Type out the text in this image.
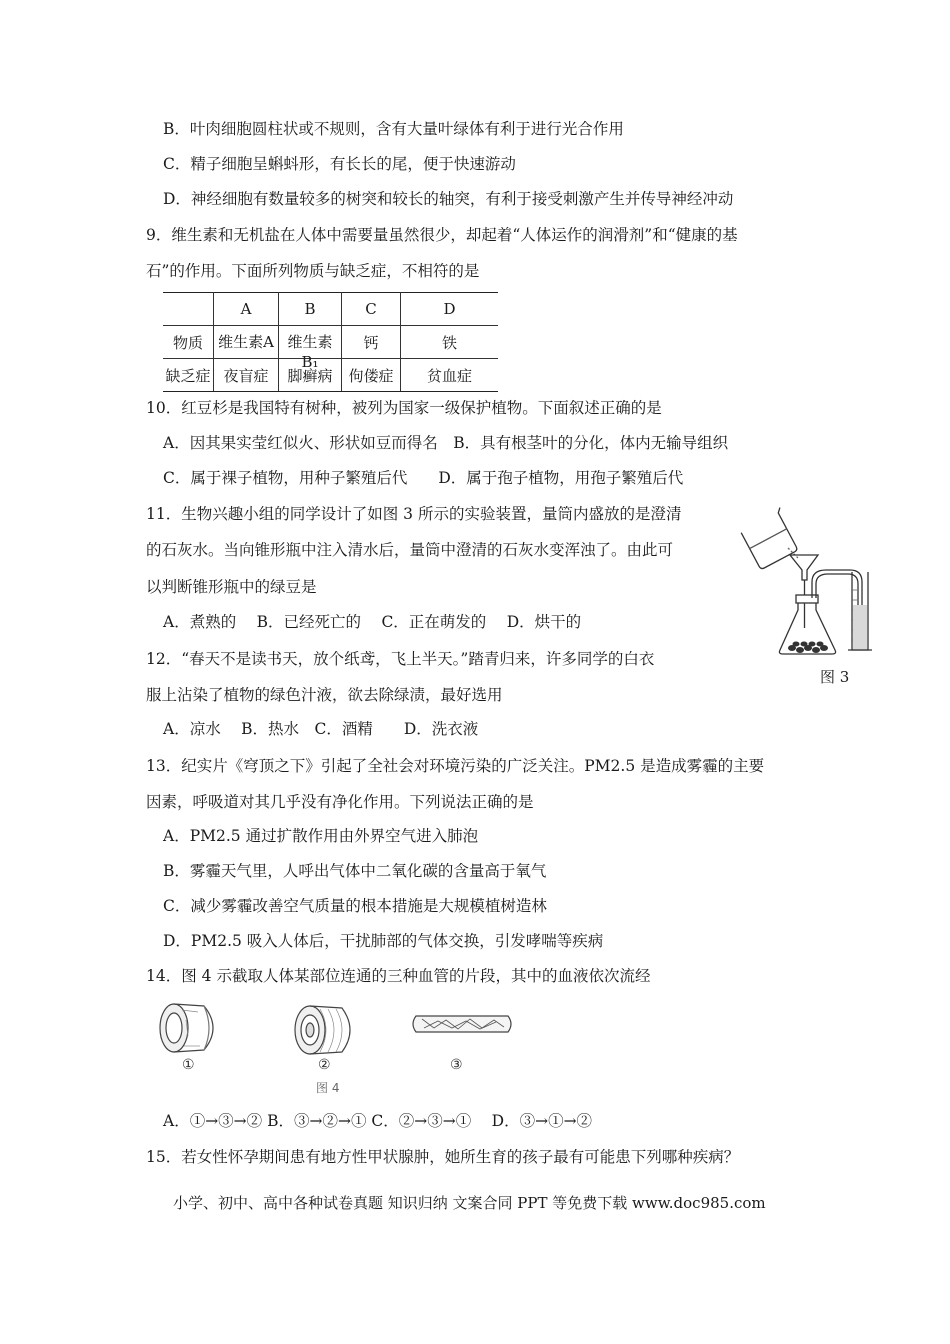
B．叶肉细胞圆柱状或不规则，含有大量叶绿体有利于进行光合作用
C．精子细胞呈蝌蚪形，有长长的尾，便于快速游动
D．神经细胞有数量较多的树突和较长的轴突，有利于接受刺激产生并传导神经冲动
9．维生素和无机盐在人体中需要量虽然很少，却起着“人体运作的润滑剂”和“健康的基
石”的作用。下面所列物质与缺乏症，不相符的是
	A	B	C	D
物质	维生素A	维生素B₁	钙	铁
缺乏症	夜盲症	脚癣病	佝偻症	贫血症
10．红豆杉是我国特有树种，被列为国家一级保护植物。下面叙述正确的是
A．因其果实莹红似火、形状如豆而得名　B．具有根茎叶的分化，体内无输导组织
C．属于裸子植物，用种子繁殖后代　　D．属于孢子植物，用孢子繁殖后代
11．生物兴趣小组的同学设计了如图 3 所示的实验装置，量筒内盛放的是澄清
的石灰水。当向锥形瓶中注入清水后，量筒中澄清的石灰水变浑浊了。由此可
以判断锥形瓶中的绿豆是
A．煮熟的　 B．已经死亡的　 C．正在萌发的　 D．烘干的
图 3
12．“春天不是读书天，放个纸鸢，飞上半天。”踏青归来，许多同学的白衣
服上沾染了植物的绿色汁液，欲去除绿渍，最好选用
A．凉水　 B．热水　C．酒精　　D．洗衣液
13．纪实片《穹顶之下》引起了全社会对环境污染的广泛关注。PM2.5 是造成雾霾的主要
因素，呼吸道对其几乎没有净化作用。下列说法正确的是
A．PM2.5 通过扩散作用由外界空气进入肺泡
B．雾霾天气里，人呼出气体中二氧化碳的含量高于氧气
C．减少雾霾改善空气质量的根本措施是大规模植树造林
D．PM2.5 吸入人体后，干扰肺部的气体交换，引发哮喘等疾病
14．图 4 示截取人体某部位连通的三种血管的片段，其中的血液依次流经
①	②	③
图 4
A．①→③→② B．③→②→① C．②→③→①　 D．③→①→②
15．若女性怀孕期间患有地方性甲状腺肿，她所生育的孩子最有可能患下列哪种疾病？
小学、初中、高中各种试卷真题 知识归纳 文案合同 PPT 等免费下载 www.doc985.com
